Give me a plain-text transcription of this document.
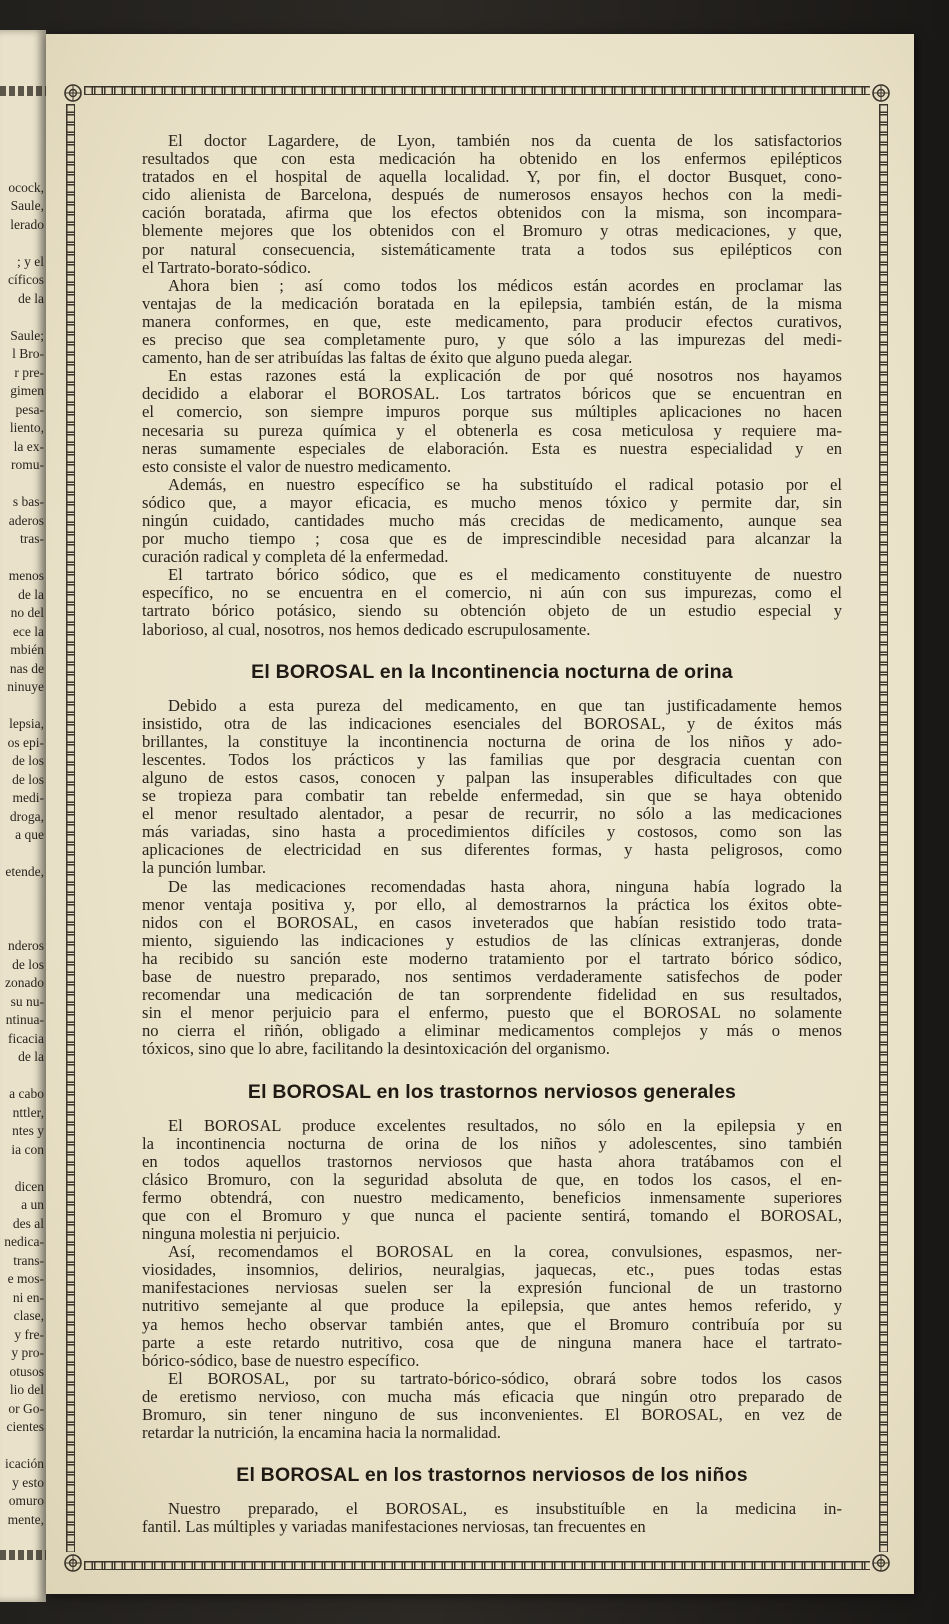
ocock,
Saule,
lerado
; y el
cíficos
de la
Saule;
l Bro-
r pre-
gimen
pesa-
liento,
la ex-
romu-
s bas-
aderos
tras-
menos
de la
no del
ece la
mbién
nas de
ninuye
lepsia,
os epi-
de los
de los
medi-
droga,
a que
etende,
nderos
de los
zonado
su nu-
ntinua-
ficacia
de la
a cabo
nttler,
ntes y
ia con
dicen
a un
des al
nedica-
trans-
e mos-
ni en-
clase,
y fre-
y pro-
otusos
lio del
or Go-
cientes
icación
y esto
omuro
mente,

El doctor Lagardere, de Lyon, también nos da cuenta de los satisfactorios
resultados que con esta medicación ha obtenido en los enfermos epilépticos
tratados en el hospital de aquella localidad. Y, por fin, el doctor Busquet, cono-
cido alienista de Barcelona, después de numerosos ensayos hechos con la medi-
cación boratada, afirma que los efectos obtenidos con la misma, son incompara-
blemente mejores que los obtenidos con el Bromuro y otras medicaciones, y que,
por natural consecuencia, sistemáticamente trata a todos sus epilépticos con
el Tartrato-borato-sódico.

Ahora bien ; así como todos los médicos están acordes en proclamar las
ventajas de la medicación boratada en la epilepsia, también están, de la misma
manera conformes, en que, este medicamento, para producir efectos curativos,
es preciso que sea completamente puro, y que sólo a las impurezas del medi-
camento, han de ser atribuídas las faltas de éxito que alguno pueda alegar.

En estas razones está la explicación de por qué nosotros nos hayamos
decidido a elaborar el BOROSAL. Los tartratos bóricos que se encuentran en
el comercio, son siempre impuros porque sus múltiples aplicaciones no hacen
necesaria su pureza química y el obtenerla es cosa meticulosa y requiere ma-
neras sumamente especiales de elaboración. Esta es nuestra especialidad y en
esto consiste el valor de nuestro medicamento.

Además, en nuestro específico se ha substituído el radical potasio por el
sódico que, a mayor eficacia, es mucho menos tóxico y permite dar, sin
ningún cuidado, cantidades mucho más crecidas de medicamento, aunque sea
por mucho tiempo ; cosa que es de imprescindible necesidad para alcanzar la
curación radical y completa dé la enfermedad.

El tartrato bórico sódico, que es el medicamento constituyente de nuestro
específico, no se encuentra en el comercio, ni aún con sus impurezas, como el
tartrato bórico potásico, siendo su obtención objeto de un estudio especial y
laborioso, al cual, nosotros, nos hemos dedicado escrupulosamente.

El BOROSAL en la Incontinencia nocturna de orina

Debido a esta pureza del medicamento, en que tan justificadamente hemos
insistido, otra de las indicaciones esenciales del BOROSAL, y de éxitos más
brillantes, la constituye la incontinencia nocturna de orina de los niños y ado-
lescentes. Todos los prácticos y las familias que por desgracia cuentan con
alguno de estos casos, conocen y palpan las insuperables dificultades con que
se tropieza para combatir tan rebelde enfermedad, sin que se haya obtenido
el menor resultado alentador, a pesar de recurrir, no sólo a las medicaciones
más variadas, sino hasta a procedimientos difíciles y costosos, como son las
aplicaciones de electricidad en sus diferentes formas, y hasta peligrosos, como
la punción lumbar.

De las medicaciones recomendadas hasta ahora, ninguna había logrado la
menor ventaja positiva y, por ello, al demostrarnos la práctica los éxitos obte-
nidos con el BOROSAL, en casos inveterados que habían resistido todo trata-
miento, siguiendo las indicaciones y estudios de las clínicas extranjeras, donde
ha recibido su sanción este moderno tratamiento por el tartrato bórico sódico,
base de nuestro preparado, nos sentimos verdaderamente satisfechos de poder
recomendar una medicación de tan sorprendente fidelidad en sus resultados,
sin el menor perjuicio para el enfermo, puesto que el BOROSAL no solamente
no cierra el riñón, obligado a eliminar medicamentos complejos y más o menos
tóxicos, sino que lo abre, facilitando la desintoxicación del organismo.

El BOROSAL en los trastornos nerviosos generales

El BOROSAL produce excelentes resultados, no sólo en la epilepsia y en
la incontinencia nocturna de orina de los niños y adolescentes, sino también
en todos aquellos trastornos nerviosos que hasta ahora tratábamos con el
clásico Bromuro, con la seguridad absoluta de que, en todos los casos, el en-
fermo obtendrá, con nuestro medicamento, beneficios inmensamente superiores
que con el Bromuro y que nunca el paciente sentirá, tomando el BOROSAL,
ninguna molestia ni perjuicio.

Así, recomendamos el BOROSAL en la corea, convulsiones, espasmos, ner-
viosidades, insomnios, delirios, neuralgias, jaquecas, etc., pues todas estas
manifestaciones nerviosas suelen ser la expresión funcional de un trastorno
nutritivo semejante al que produce la epilepsia, que antes hemos referido, y
ya hemos hecho observar también antes, que el Bromuro contribuía por su
parte a este retardo nutritivo, cosa que de ninguna manera hace el tartrato-
bórico-sódico, base de nuestro específico.

El BOROSAL, por su tartrato-bórico-sódico, obrará sobre todos los casos
de eretismo nervioso, con mucha más eficacia que ningún otro preparado de
Bromuro, sin tener ninguno de sus inconvenientes. El BOROSAL, en vez de
retardar la nutrición, la encamina hacia la normalidad.

El BOROSAL en los trastornos nerviosos de los niños

Nuestro preparado, el BOROSAL, es insubstituíble en la medicina in-
fantil. Las múltiples y variadas manifestaciones nerviosas, tan frecuentes en
